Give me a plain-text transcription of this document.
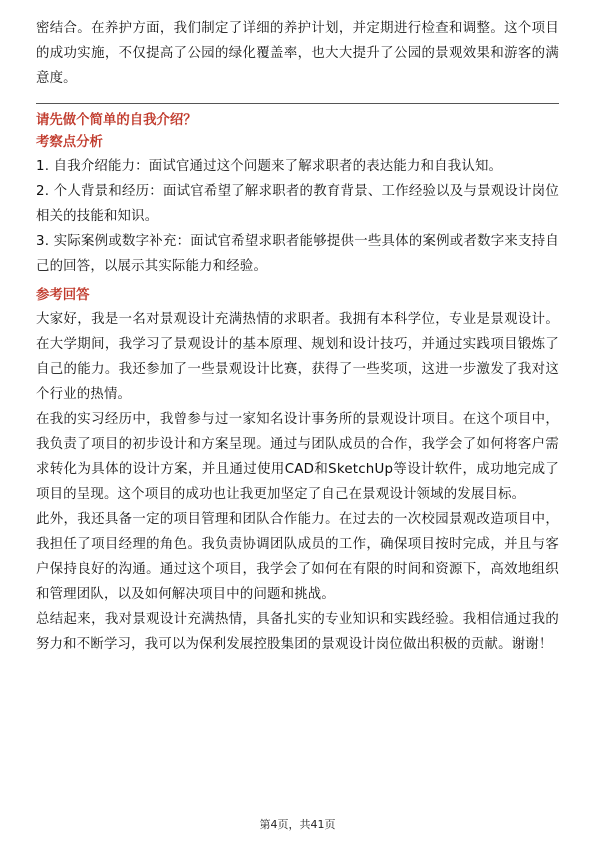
密结合。在养护方面，我们制定了详细的养护计划，并定期进行检查和调整。这个项目的成功实施，不仅提高了公园的绿化覆盖率，也大大提升了公园的景观效果和游客的满意度。

请先做个简单的自我介绍？

考察点分析

1. 自我介绍能力：面试官通过这个问题来了解求职者的表达能力和自我认知。

2. 个人背景和经历：面试官希望了解求职者的教育背景、工作经验以及与景观设计岗位相关的技能和知识。

3. 实际案例或数字补充：面试官希望求职者能够提供一些具体的案例或者数字来支持自己的回答，以展示其实际能力和经验。

参考回答

大家好，我是一名对景观设计充满热情的求职者。我拥有本科学位，专业是景观设计。在大学期间，我学习了景观设计的基本原理、规划和设计技巧，并通过实践项目锻炼了自己的能力。我还参加了一些景观设计比赛，获得了一些奖项，这进一步激发了我对这个行业的热情。

在我的实习经历中，我曾参与过一家知名设计事务所的景观设计项目。在这个项目中，我负责了项目的初步设计和方案呈现。通过与团队成员的合作，我学会了如何将客户需求转化为具体的设计方案，并且通过使用CAD和SketchUp等设计软件，成功地完成了项目的呈现。这个项目的成功也让我更加坚定了自己在景观设计领域的发展目标。

此外，我还具备一定的项目管理和团队合作能力。在过去的一次校园景观改造项目中，我担任了项目经理的角色。我负责协调团队成员的工作，确保项目按时完成，并且与客户保持良好的沟通。通过这个项目，我学会了如何在有限的时间和资源下，高效地组织和管理团队，以及如何解决项目中的问题和挑战。

总结起来，我对景观设计充满热情，具备扎实的专业知识和实践经验。我相信通过我的努力和不断学习，我可以为保利发展控股集团的景观设计岗位做出积极的贡献。谢谢！

第4页，共41页
